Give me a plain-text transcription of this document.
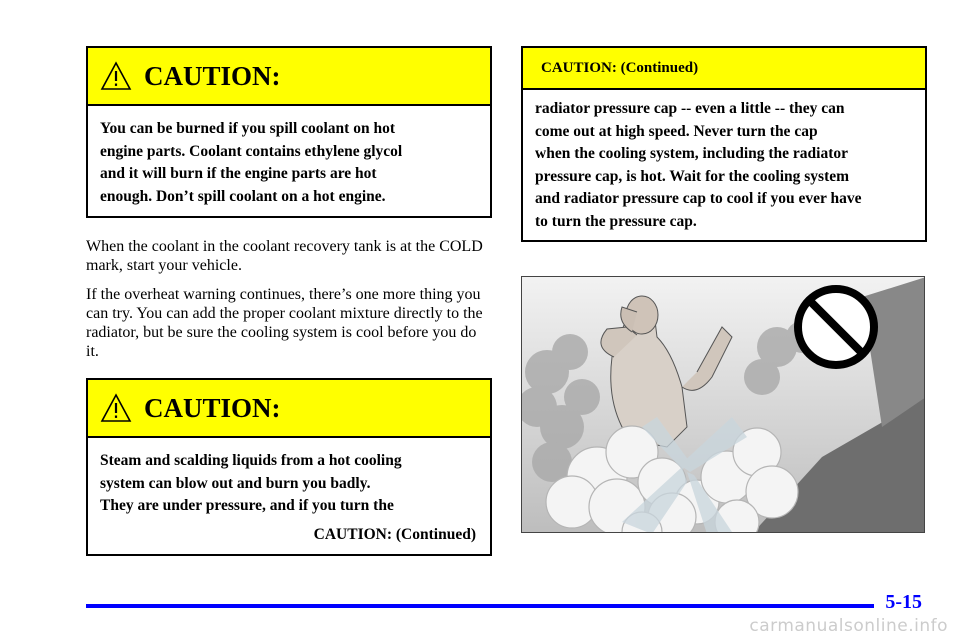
CAUTION:

You can be burned if you spill coolant on hot

engine parts. Coolant contains ethylene glycol

and it will burn if the engine parts are hot

enough. Don’t spill coolant on a hot engine.

When the coolant in the coolant recovery tank is at the COLD mark, start your vehicle.

If the overheat warning continues, there’s one more thing you can try. You can add the proper coolant mixture directly to the radiator, but be sure the cooling system is cool before you do it.

CAUTION:

Steam and scalding liquids from a hot cooling

system can blow out and burn you badly.

They are under pressure, and if you turn the

CAUTION: (Continued)

CAUTION: (Continued)

radiator pressure cap -- even a little -- they can

come out at high speed. Never turn the cap

when the cooling system, including the radiator

pressure cap, is hot. Wait for the cooling system

and radiator pressure cap to cool if you ever have

to turn the pressure cap.

5-15
carmanualsonline.info
